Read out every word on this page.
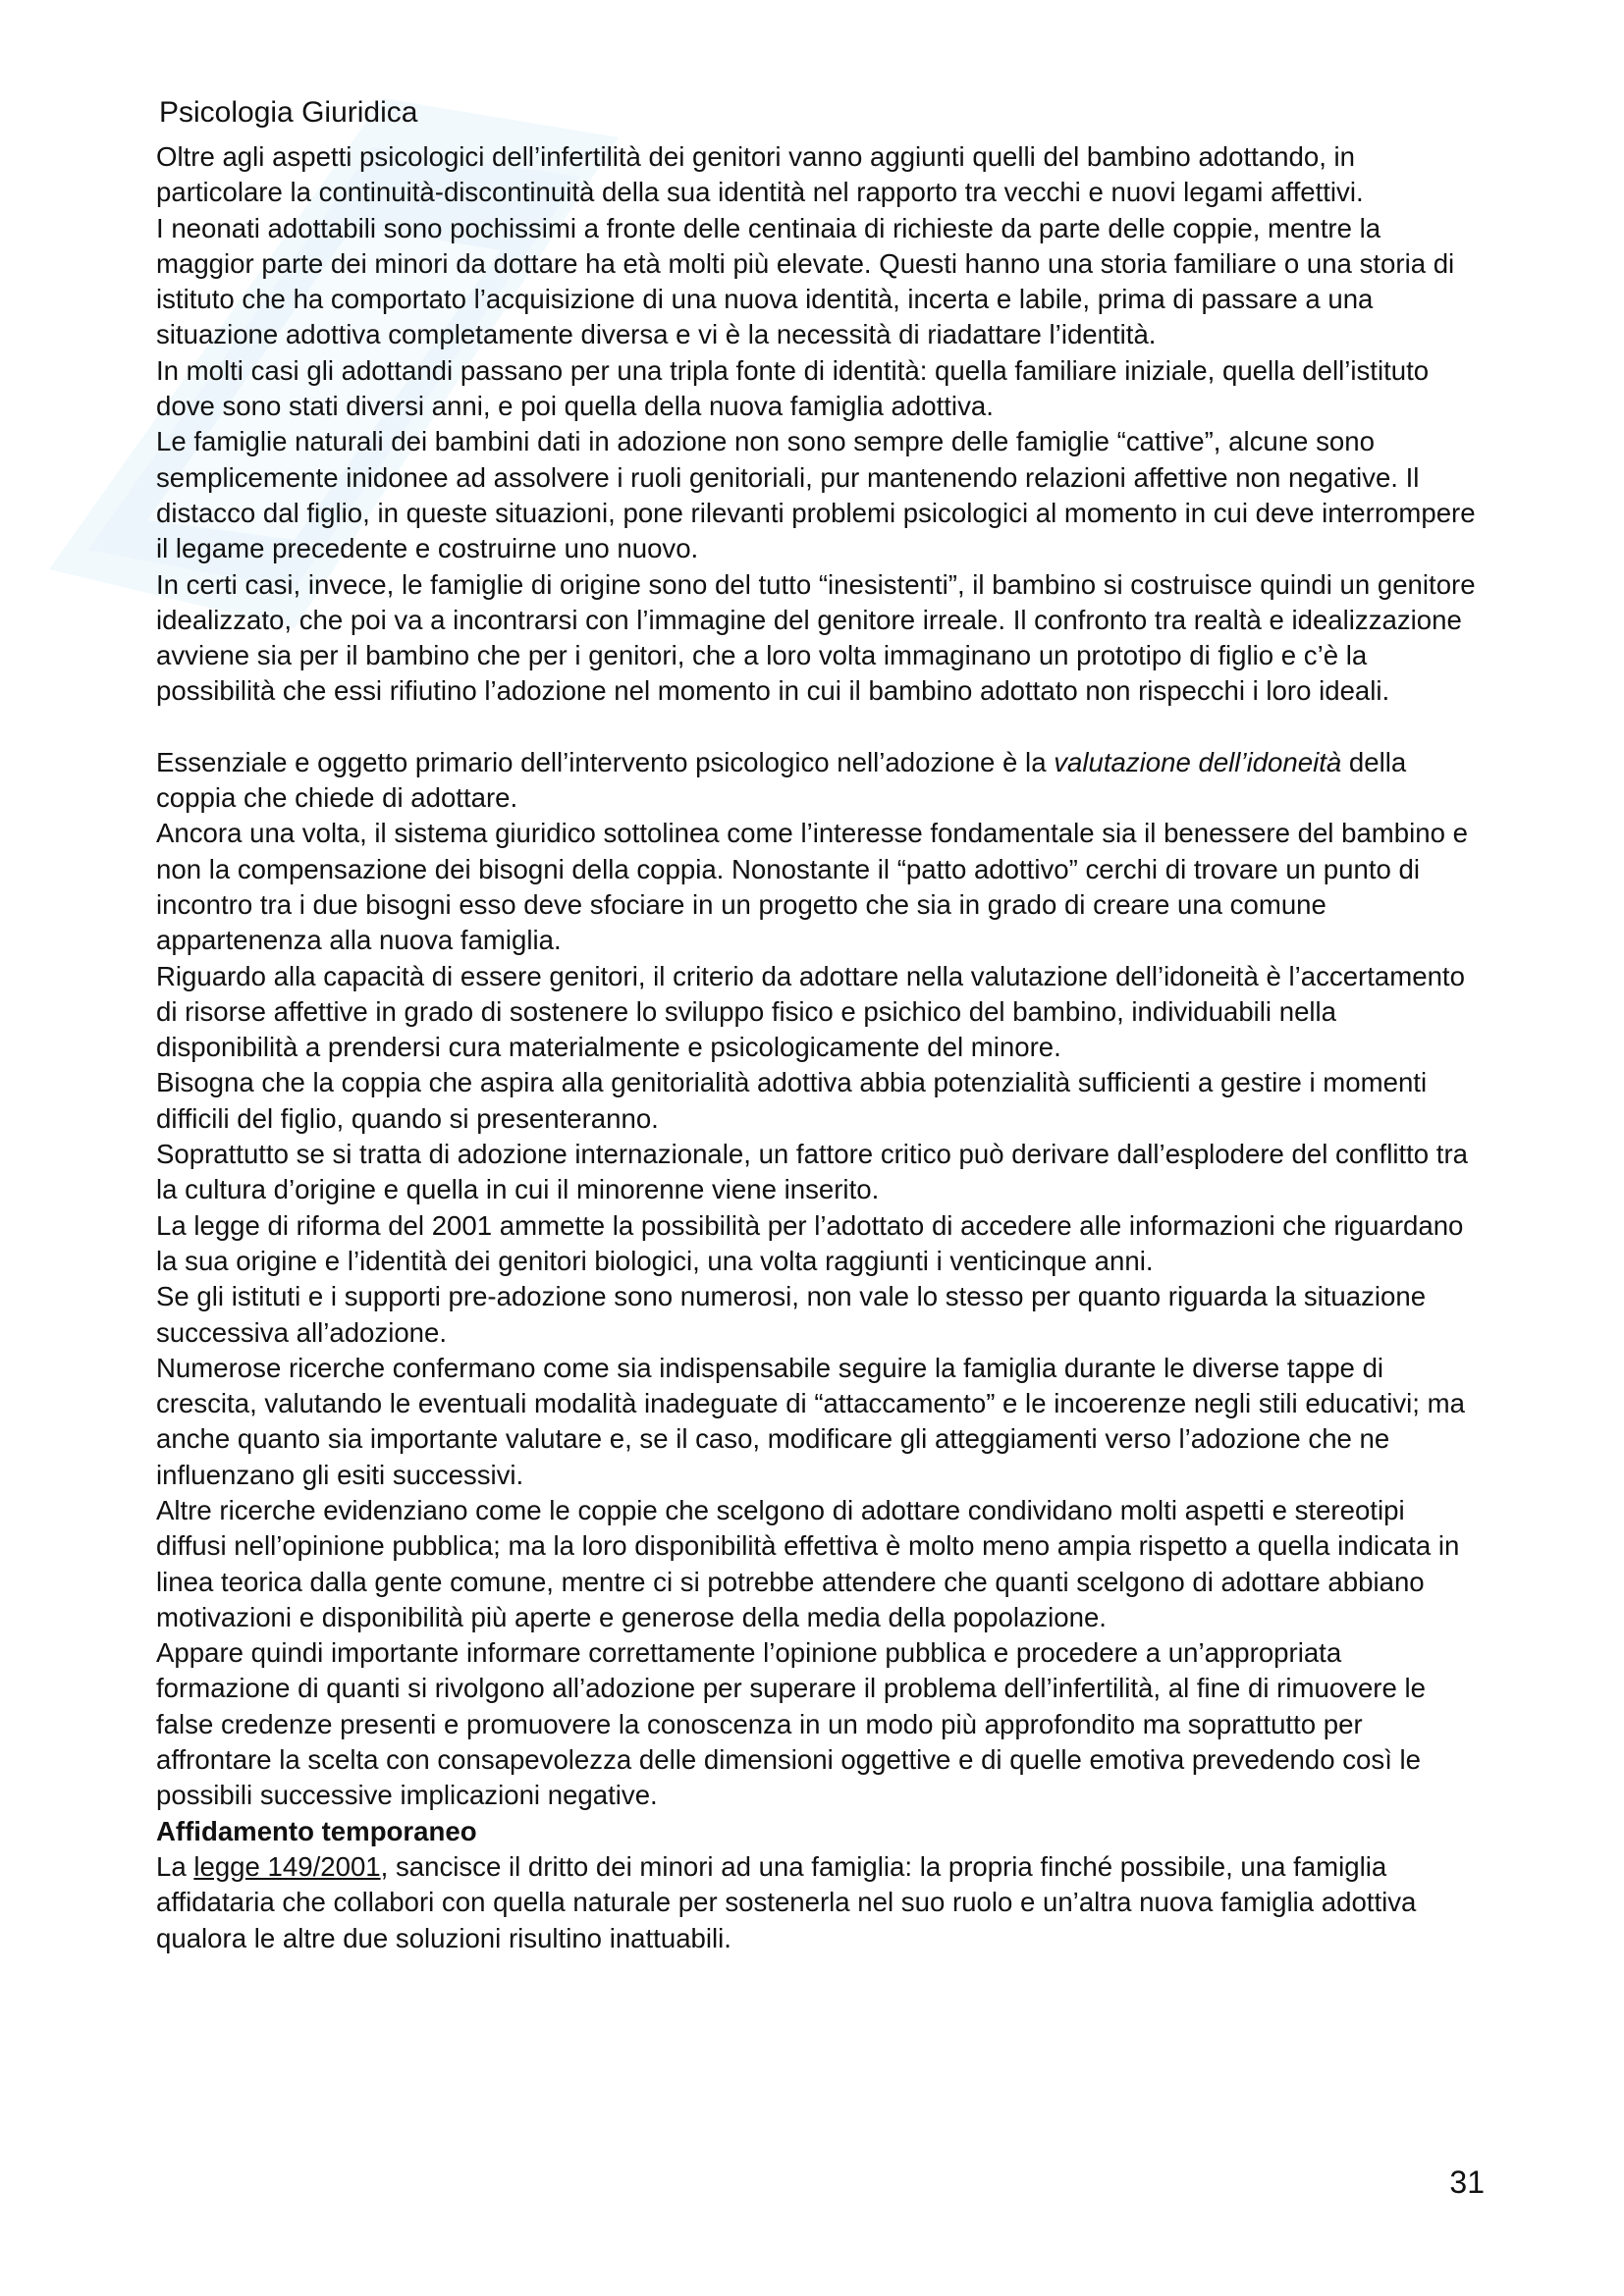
Psicologia Giuridica

Oltre agli aspetti psicologici dell’infertilità dei genitori vanno aggiunti quelli del bambino adottando, in particolare la continuità-discontinuità della sua identità nel rapporto tra vecchi e nuovi legami affettivi.

I neonati adottabili sono pochissimi a fronte delle centinaia di richieste da parte delle coppie, mentre la maggior parte dei minori da dottare ha età molti più elevate. Questi hanno una storia familiare o una storia di istituto che ha comportato l’acquisizione di una nuova identità, incerta e labile, prima di passare a una situazione adottiva completamente diversa e vi è la necessità di riadattare l’identità.

In molti casi gli adottandi passano per una tripla fonte di identità: quella familiare iniziale, quella dell’istituto dove sono stati diversi anni, e poi quella della nuova famiglia adottiva.

Le famiglie naturali dei bambini dati in adozione non sono sempre delle famiglie “cattive”, alcune sono semplicemente inidonee ad assolvere i ruoli genitoriali, pur mantenendo relazioni affettive non negative. Il distacco dal figlio, in queste situazioni, pone rilevanti problemi psicologici al momento in cui deve interrompere il legame precedente e costruirne uno nuovo.

In certi casi, invece, le famiglie di origine sono del tutto “inesistenti”, il bambino si costruisce quindi un genitore idealizzato, che poi va a incontrarsi con l’immagine del genitore irreale. Il confronto tra realtà e idealizzazione avviene sia per il bambino che per i genitori, che a loro volta immaginano un prototipo di figlio e c’è la possibilità che essi rifiutino l’adozione nel momento in cui il bambino adottato non rispecchi i loro ideali.

Essenziale e oggetto primario dell’intervento psicologico nell’adozione è la valutazione dell’idoneità della coppia che chiede di adottare.

Ancora una volta, il sistema giuridico sottolinea come l’interesse fondamentale sia il benessere del bambino e non la compensazione dei bisogni della coppia. Nonostante il “patto adottivo” cerchi di trovare un punto di incontro tra i due bisogni esso deve sfociare in un progetto che sia in grado di creare una comune appartenenza alla nuova famiglia.

Riguardo alla capacità di essere genitori, il criterio da adottare nella valutazione dell’idoneità è l’accertamento di risorse affettive in grado di sostenere lo sviluppo fisico e psichico del bambino, individuabili nella disponibilità a prendersi cura materialmente e psicologicamente del minore.

Bisogna che la coppia che aspira alla genitorialità adottiva abbia potenzialità sufficienti a gestire i momenti difficili del figlio, quando si presenteranno.

Soprattutto se si tratta di adozione internazionale, un fattore critico può derivare dall’esplodere del conflitto tra la cultura d’origine e quella in cui il minorenne viene inserito.

La legge di riforma del 2001 ammette la possibilità per l’adottato di accedere alle informazioni che riguardano la sua origine e l’identità dei genitori biologici, una volta raggiunti i venticinque anni.

Se gli istituti e i supporti pre-adozione sono numerosi, non vale lo stesso per quanto riguarda la situazione successiva all’adozione.

Numerose ricerche confermano come sia indispensabile seguire la famiglia durante le diverse tappe di crescita, valutando le eventuali modalità inadeguate di “attaccamento” e le incoerenze negli stili educativi; ma anche quanto sia importante valutare e, se il caso, modificare gli atteggiamenti verso l’adozione che ne influenzano gli esiti successivi.

Altre ricerche evidenziano come le coppie che scelgono di adottare condividano molti aspetti e stereotipi diffusi nell’opinione pubblica; ma la loro disponibilità effettiva è molto meno ampia rispetto a quella indicata in linea teorica dalla gente comune, mentre ci si potrebbe attendere che quanti scelgono di adottare abbiano motivazioni e disponibilità più aperte e generose della media della popolazione.

Appare quindi importante informare correttamente l’opinione pubblica e procedere a un’appropriata formazione di quanti si rivolgono all’adozione per superare il problema dell’infertilità, al fine di rimuovere le false credenze presenti e promuovere la conoscenza in un modo più approfondito ma soprattutto per affrontare la scelta con consapevolezza delle dimensioni oggettive e di quelle emotiva prevedendo così le possibili successive implicazioni negative.

Affidamento temporaneo

La legge 149/2001, sancisce il dritto dei minori ad una famiglia: la propria finché possibile, una famiglia affidataria che collabori con quella naturale per sostenerla nel suo ruolo e un’altra nuova famiglia adottiva qualora le altre due soluzioni risultino inattuabili.

31
